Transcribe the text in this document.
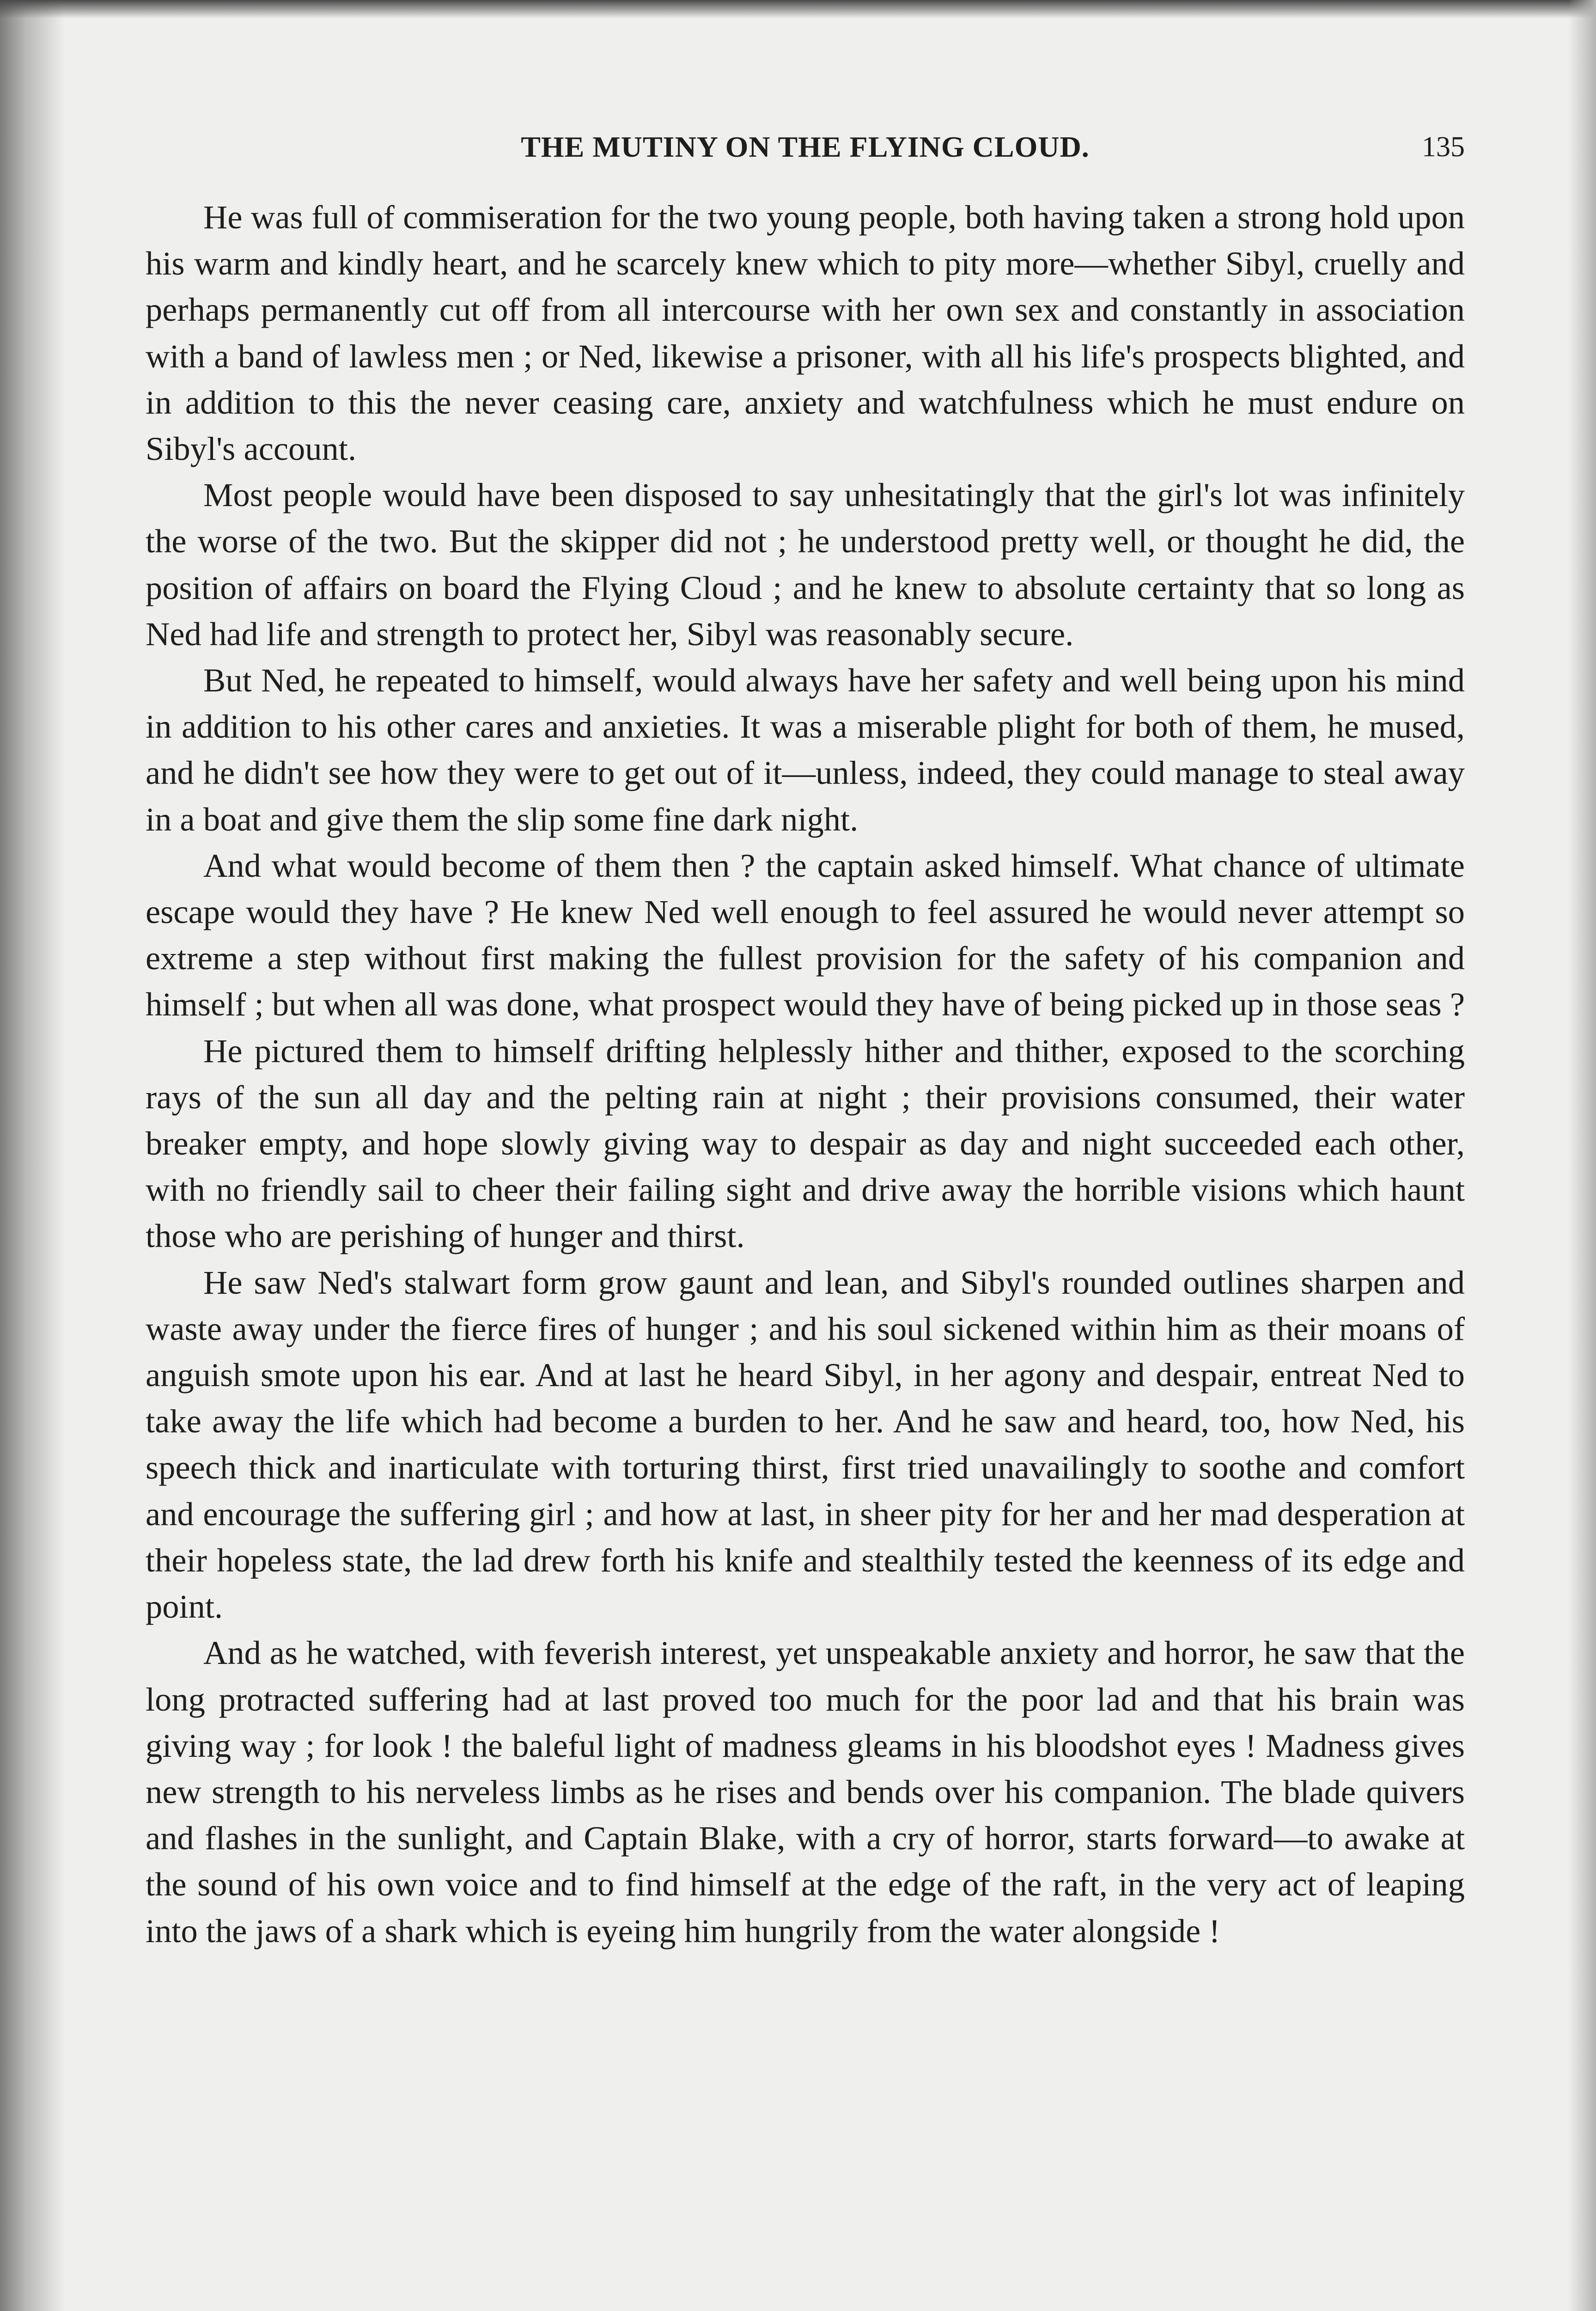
THE MUTINY ON THE FLYING CLOUD.	135

He was full of commiseration for the two young people, both having taken a strong hold upon his warm and kindly heart, and he scarcely knew which to pity more—whether Sibyl, cruelly and perhaps permanently cut off from all intercourse with her own sex and constantly in association with a band of lawless men ; or Ned, likewise a prisoner, with all his life's prospects blighted, and in addition to this the never ceasing care, anxiety and watchfulness which he must endure on Sibyl's account.

Most people would have been disposed to say unhesitatingly that the girl's lot was infinitely the worse of the two. But the skipper did not ; he understood pretty well, or thought he did, the position of affairs on board the Flying Cloud ; and he knew to absolute certainty that so long as Ned had life and strength to protect her, Sibyl was reasonably secure.

But Ned, he repeated to himself, would always have her safety and well being upon his mind in addition to his other cares and anxieties. It was a miserable plight for both of them, he mused, and he didn't see how they were to get out of it—unless, indeed, they could manage to steal away in a boat and give them the slip some fine dark night.

And what would become of them then ? the captain asked himself. What chance of ultimate escape would they have ? He knew Ned well enough to feel assured he would never attempt so extreme a step without first making the fullest provision for the safety of his companion and himself ; but when all was done, what prospect would they have of being picked up in those seas ?

He pictured them to himself drifting helplessly hither and thither, exposed to the scorching rays of the sun all day and the pelting rain at night ; their provisions consumed, their water breaker empty, and hope slowly giving way to despair as day and night succeeded each other, with no friendly sail to cheer their failing sight and drive away the horrible visions which haunt those who are perishing of hunger and thirst.

He saw Ned's stalwart form grow gaunt and lean, and Sibyl's rounded outlines sharpen and waste away under the fierce fires of hunger ; and his soul sickened within him as their moans of anguish smote upon his ear. And at last he heard Sibyl, in her agony and despair, entreat Ned to take away the life which had become a burden to her. And he saw and heard, too, how Ned, his speech thick and inarticulate with torturing thirst, first tried unavailingly to soothe and comfort and encourage the suffering girl ; and how at last, in sheer pity for her and her mad desperation at their hopeless state, the lad drew forth his knife and stealthily tested the keenness of its edge and point.

And as he watched, with feverish interest, yet unspeakable anxiety and horror, he saw that the long protracted suffering had at last proved too much for the poor lad and that his brain was giving way ; for look ! the baleful light of madness gleams in his bloodshot eyes ! Madness gives new strength to his nerveless limbs as he rises and bends over his companion. The blade quivers and flashes in the sunlight, and Captain Blake, with a cry of horror, starts forward—to awake at the sound of his own voice and to find himself at the edge of the raft, in the very act of leaping into the jaws of a shark which is eyeing him hungrily from the water alongside !
